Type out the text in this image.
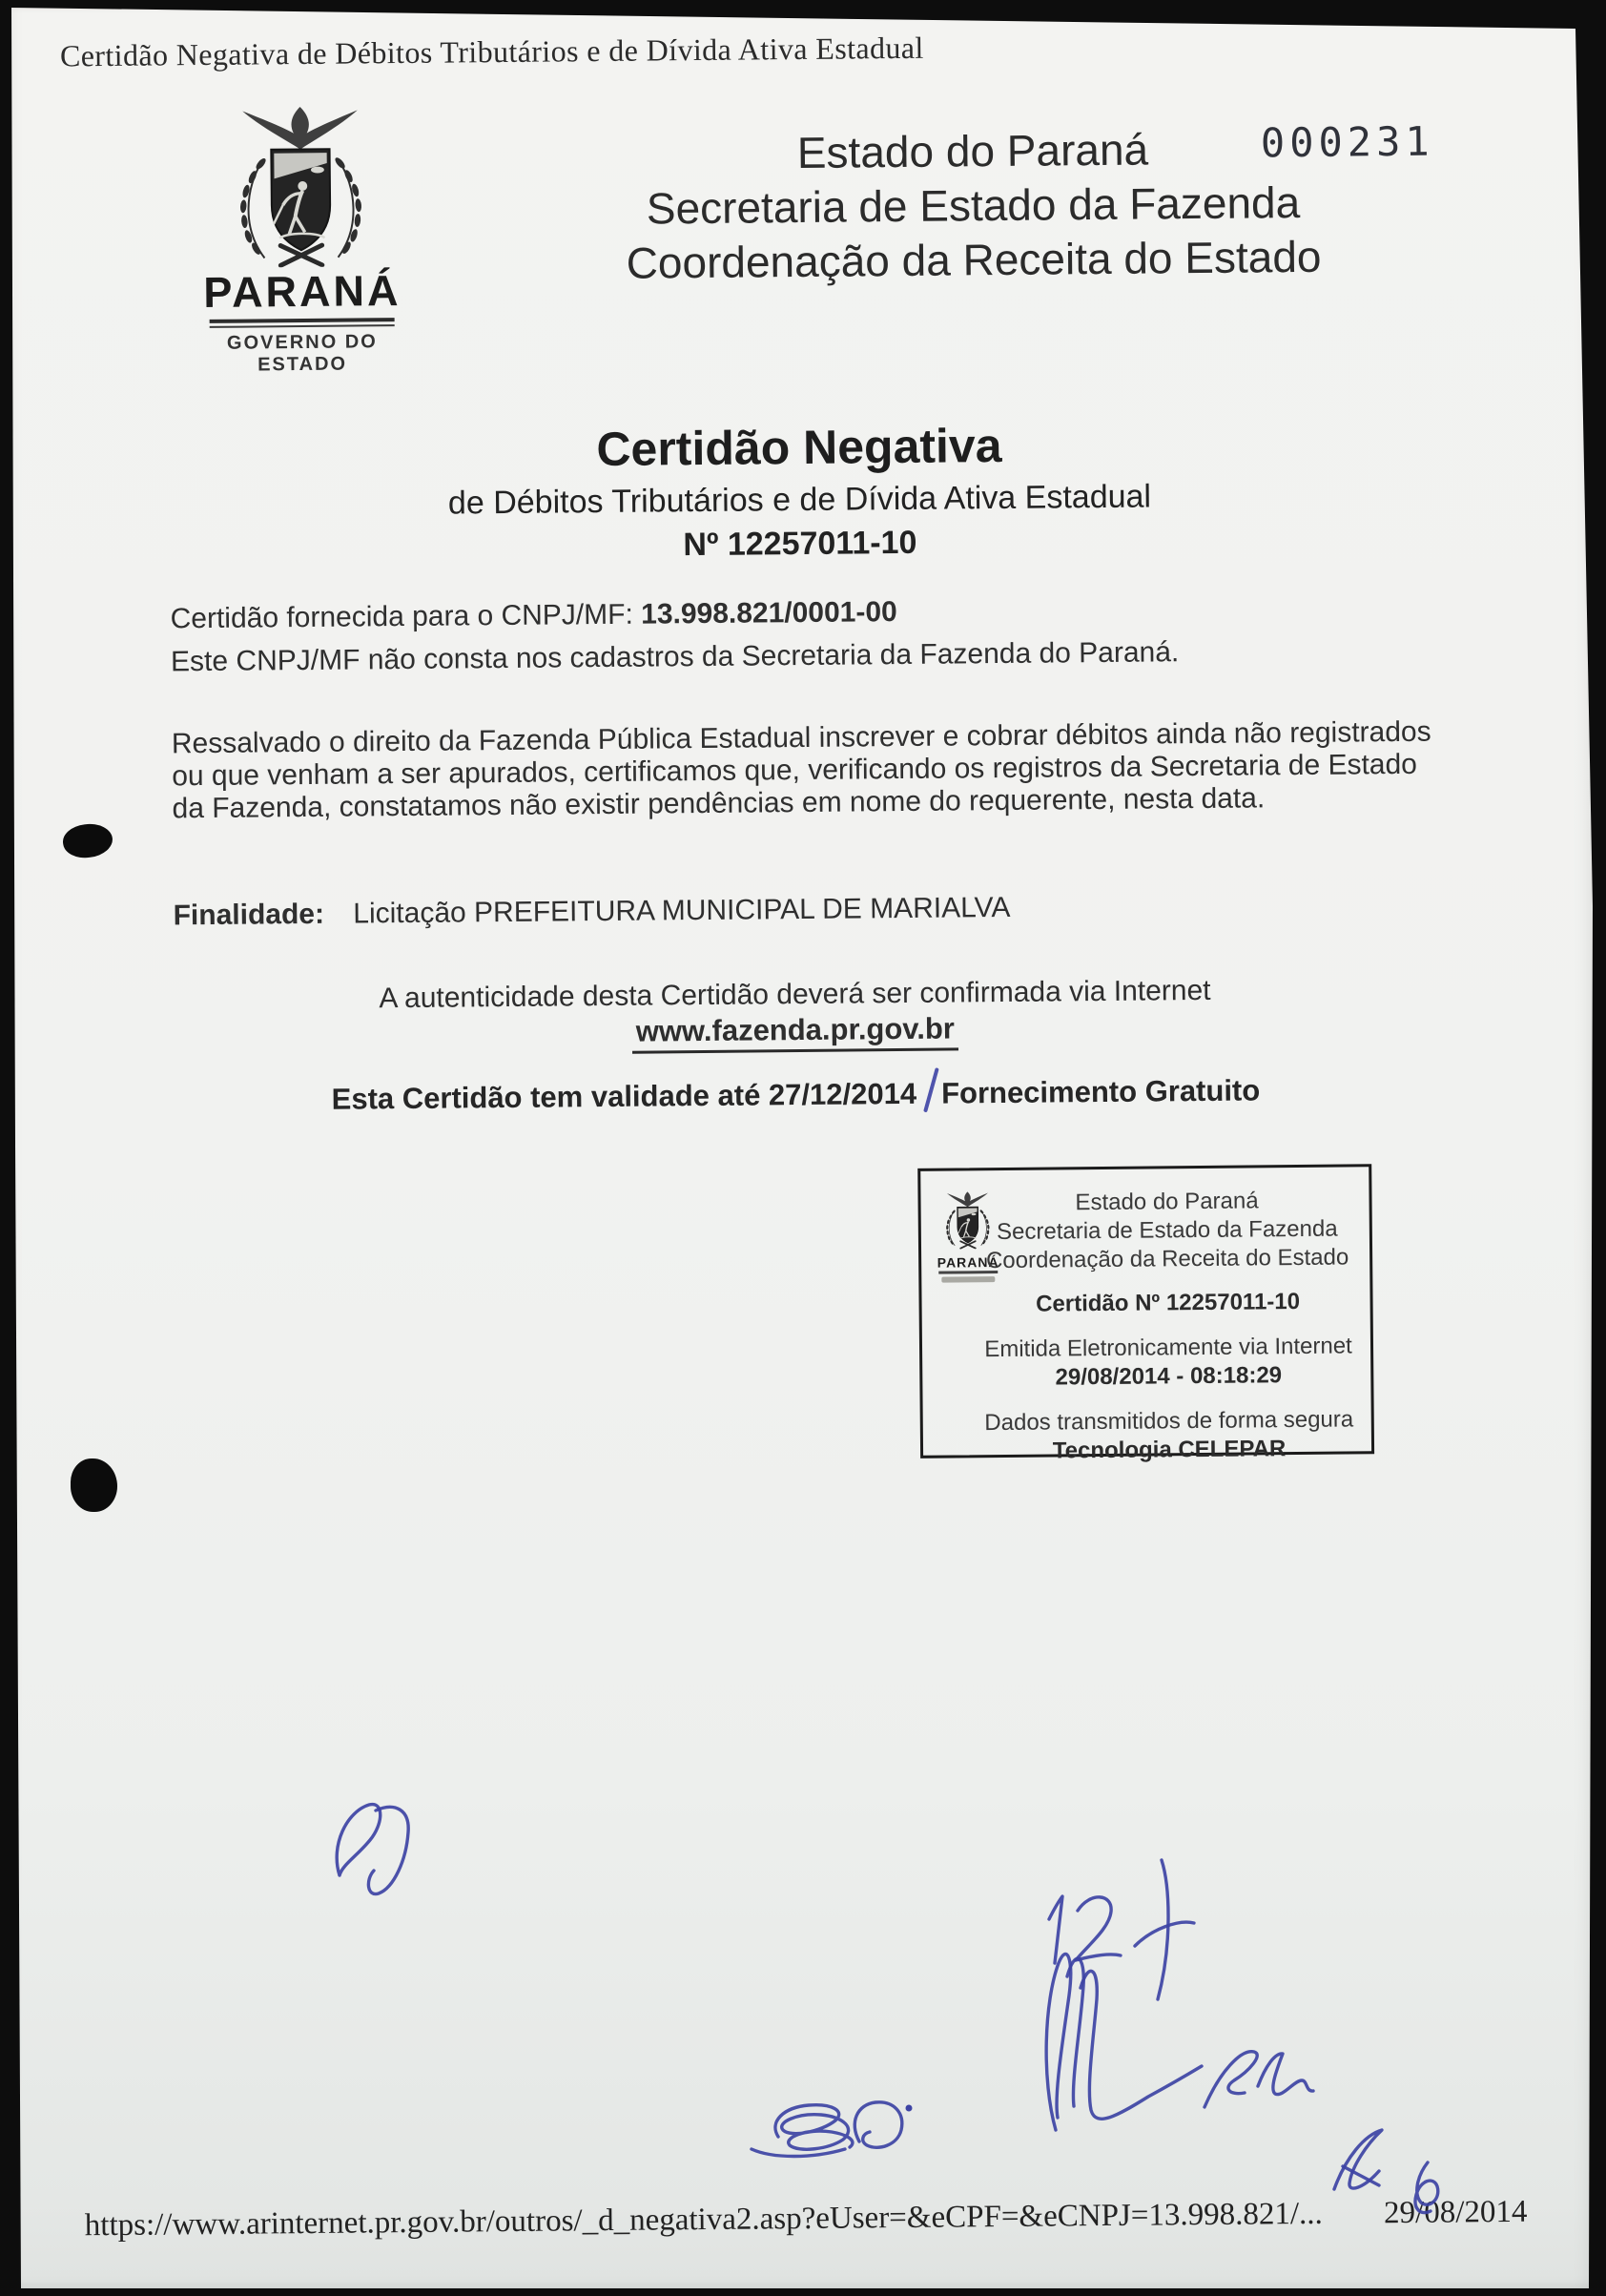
Certidão Negativa de Débitos Tributários e de Dívida Ativa Estadual
PARANÁ
GOVERNO DO ESTADO
000231
Estado do Paraná
Secretaria de Estado da Fazenda
Coordenação da Receita do Estado
Certidão Negativa
de Débitos Tributários e de Dívida Ativa Estadual
Nº 12257011-10
Certidão fornecida para o CNPJ/MF: 13.998.821/0001-00
Este CNPJ/MF não consta nos cadastros da Secretaria da Fazenda do Paraná.
Ressalvado o direito da Fazenda Pública Estadual inscrever e cobrar débitos ainda não registrados
ou que venham a ser apurados, certificamos que, verificando os registros da Secretaria de Estado
da Fazenda, constatamos não existir pendências em nome do requerente, nesta data.
Finalidade: Licitação PREFEITURA MUNICIPAL DE MARIALVA
A autenticidade desta Certidão deverá ser confirmada via Internet
www.fazenda.pr.gov.br
Esta Certidão tem validade até 27/12/2014 Fornecimento Gratuito
PARANÁ
Estado do Paraná
Secretaria de Estado da Fazenda
Coordenação da Receita do Estado
Certidão Nº 12257011-10
Emitida Eletronicamente via Internet
29/08/2014 - 08:18:29
Dados transmitidos de forma segura
Tecnologia CELEPAR
https://www.arinternet.pr.gov.br/outros/_d_negativa2.asp?eUser=&eCPF=&eCNPJ=13.998.821/... 29/08/2014
